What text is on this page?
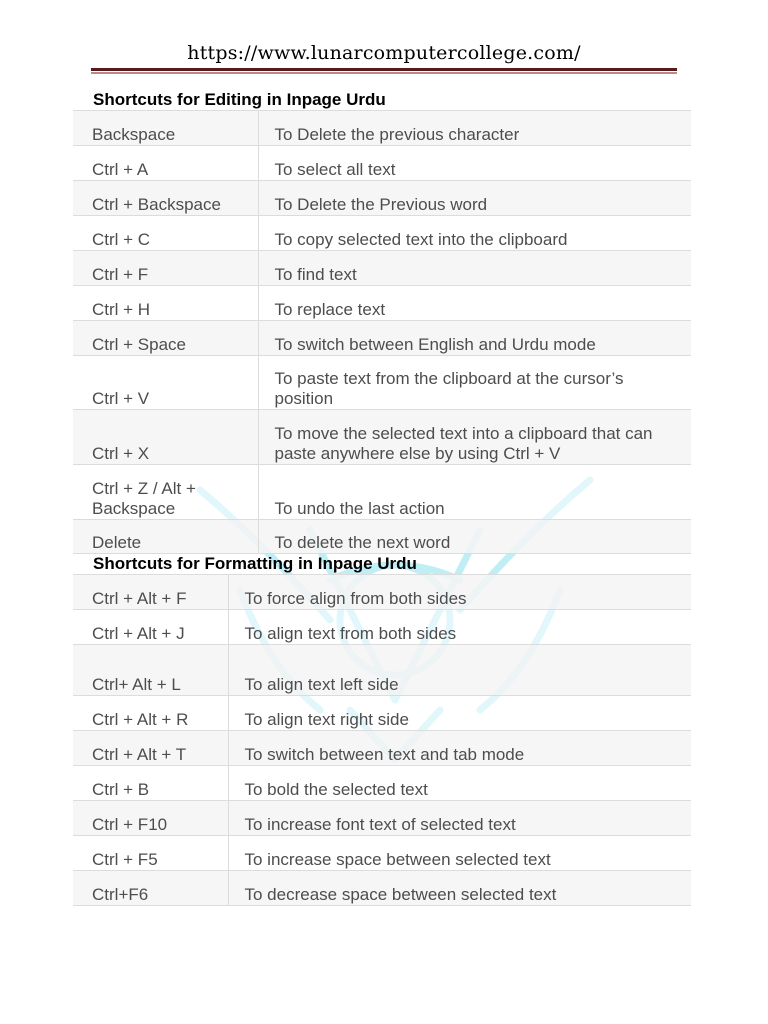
https://www.lunarcomputercollege.com/
Shortcuts for Editing in Inpage Urdu
Backspace	To Delete the previous character
Ctrl + A	To select all text
Ctrl + Backspace	To Delete the Previous word
Ctrl + C	To copy selected text into the clipboard
Ctrl + F	To find text
Ctrl + H	To replace text
Ctrl + Space	To switch between English and Urdu mode
Ctrl + V	To paste text from the clipboard at the cursor’s position
Ctrl + X	To move the selected text into a clipboard that can paste anywhere else by using Ctrl + V
Ctrl + Z / Alt + Backspace	To undo the last action
Delete	To delete the next word
Shortcuts for Formatting in Inpage Urdu
Ctrl + Alt + F	To force align from both sides
Ctrl + Alt + J	To align text from both sides
Ctrl+ Alt + L	To align text left side
Ctrl + Alt + R	To align text right side
Ctrl + Alt + T	To switch between text and tab mode
Ctrl + B	To bold the selected text
Ctrl + F10	To increase font text of selected text
Ctrl + F5	To increase space between selected text
Ctrl+F6	To decrease space between selected text
